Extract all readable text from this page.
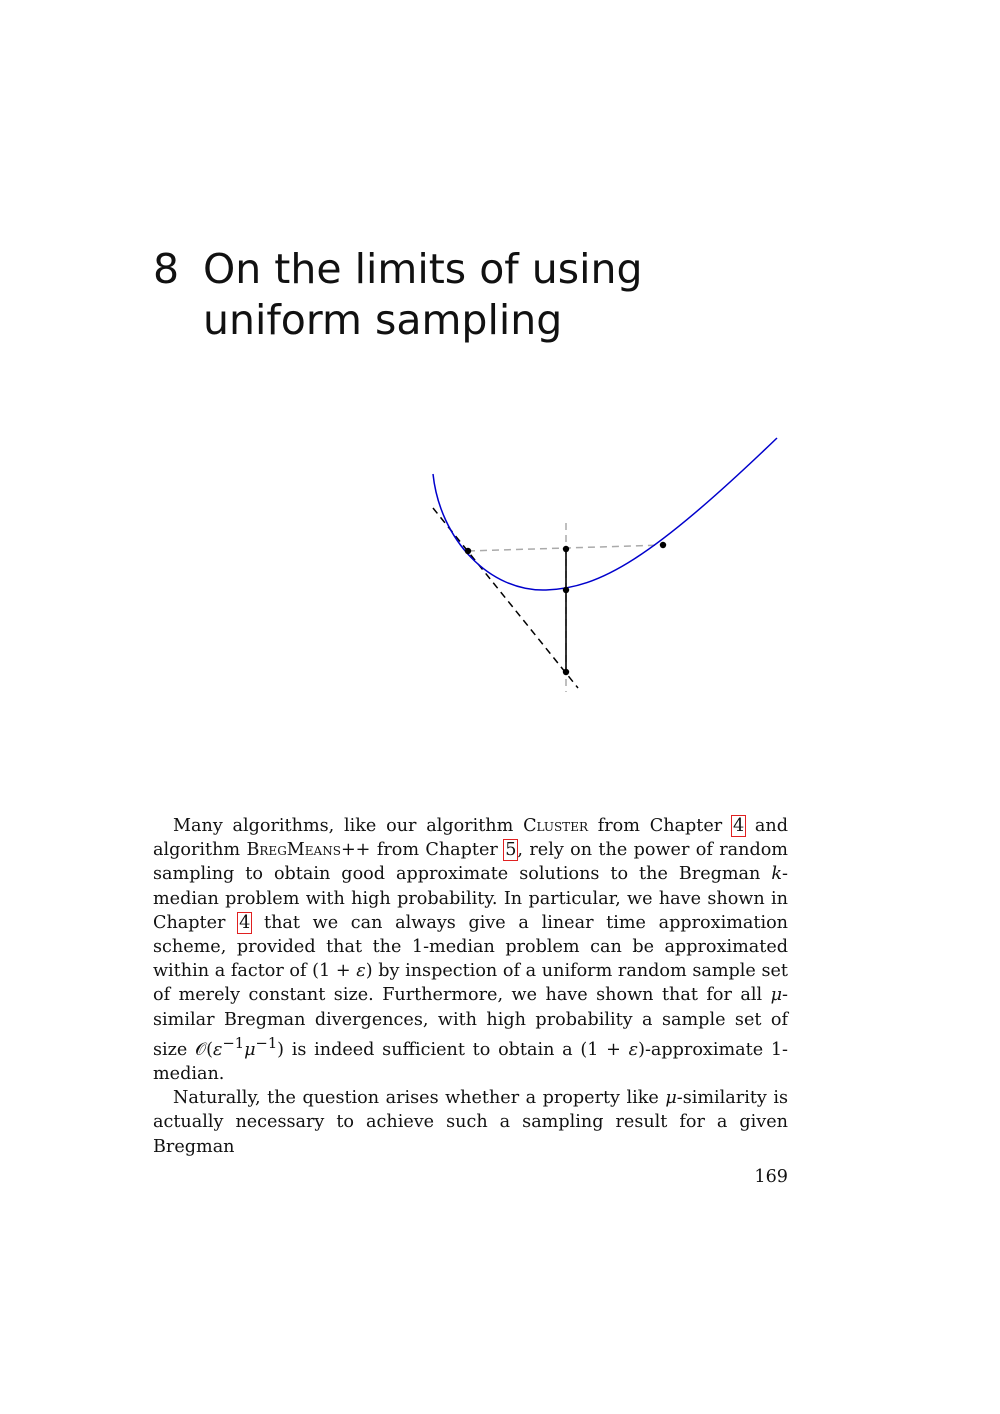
8 On the limits of using
uniform sampling

Many algorithms, like our algorithm Cluster from Chapter 4 and algorithm BregMeans++ from Chapter 5, rely on the power of random sampling to obtain good approximate solutions to the Bregman k-median problem with high probability. In particular, we have shown in Chapter 4 that we can always give a linear time approximation scheme, provided that the 1-median problem can be approximated within a factor of (1 + ε) by inspection of a uniform random sample set of merely constant size. Furthermore, we have shown that for all μ-similar Bregman divergences, with high probability a sample set of size $𝒪(\varepsilon^{-1}\mu^{-1})$ is indeed sufficient to obtain a (1 + ε)-approximate 1-median.

Naturally, the question arises whether a property like μ-similarity is actually necessary to achieve such a sampling result for a given Bregman

169
